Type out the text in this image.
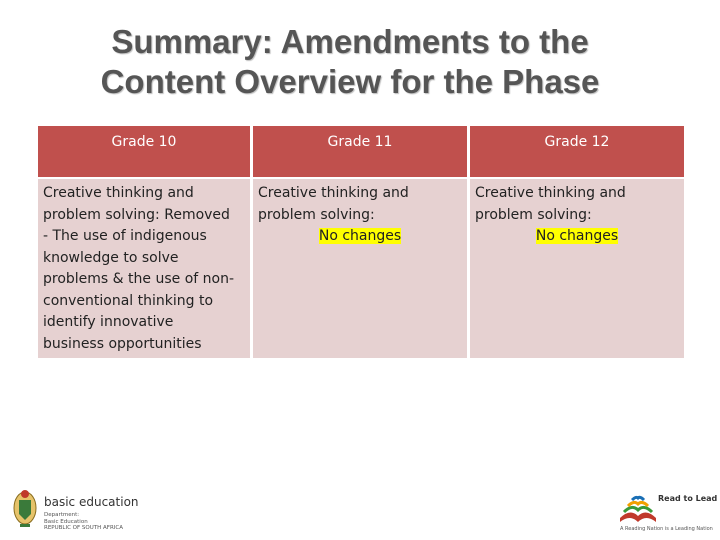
Summary: Amendments to the
Content Overview for the Phase
Grade 10	Grade 11	Grade 12
Creative thinking and
problem solving: Removed
- The use of indigenous
knowledge to solve
problems & the use of non-
conventional thinking to
identify innovative
business opportunities
Creative thinking and
problem solving:
No changes
Creative thinking and
problem solving:
No changes
basic education
Department:
Basic Education
REPUBLIC OF SOUTH AFRICA
Read to Lead
A Reading Nation is a Leading Nation
